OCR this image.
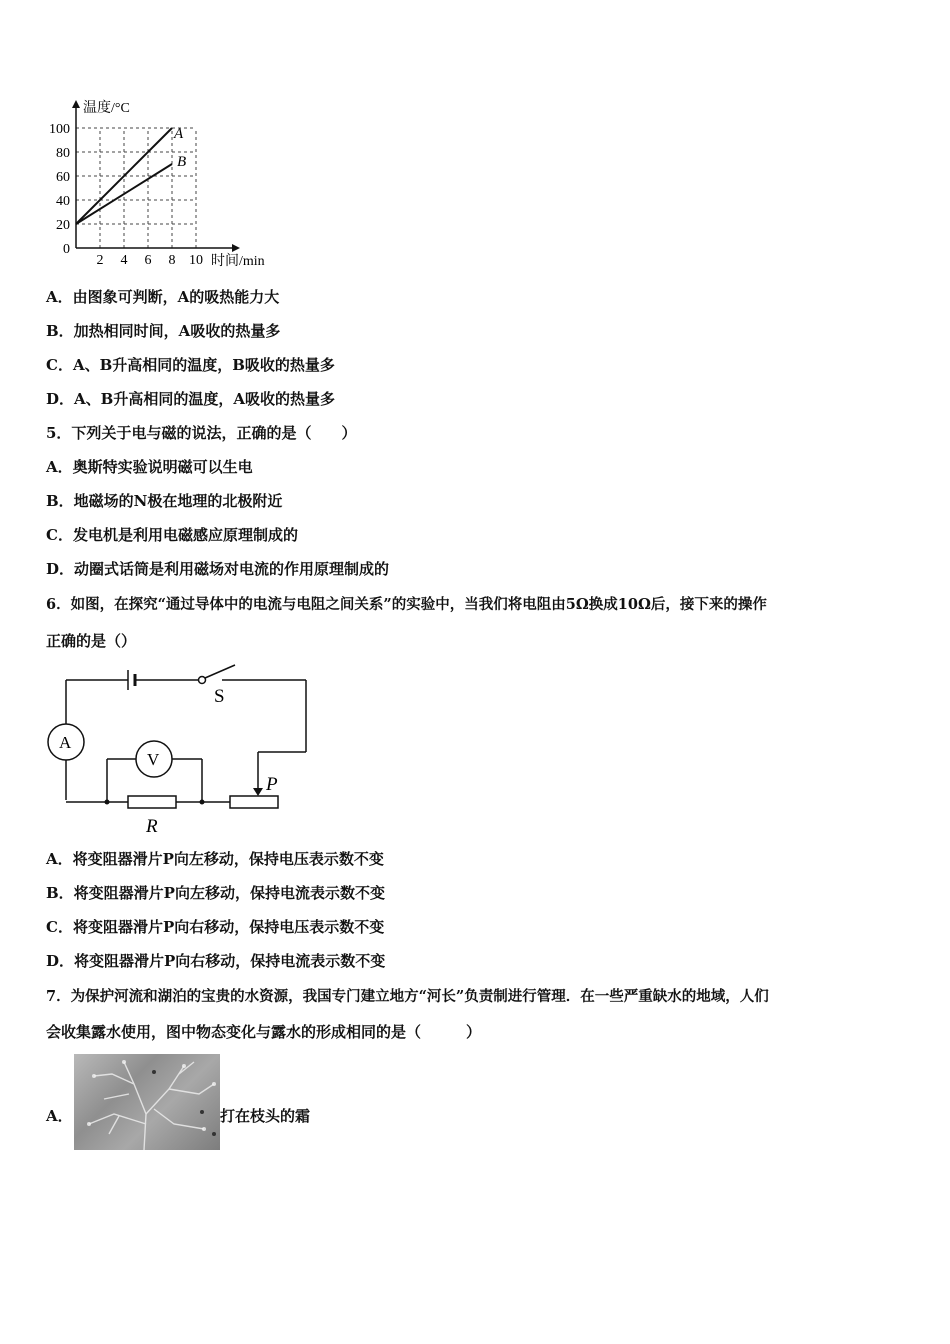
温度/°C
时间/min
100
80
60
40
20
0
2 4 6 8 10
A
B
A．由图象可判断，A的吸热能力大
B．加热相同时间，A吸收的热量多
C．A、B升高相同的温度，B吸收的热量多
D．A、B升高相同的温度，A吸收的热量多
5．下列关于电与磁的说法，正确的是（　　）
A．奥斯特实验说明磁可以生电
B．地磁场的N极在地理的北极附近
C．发电机是利用电磁感应原理制成的
D．动圈式话筒是利用磁场对电流的作用原理制成的
6．如图，在探究“通过导体中的电流与电阻之间关系”的实验中，当我们将电阻由5Ω换成10Ω后，接下来的操作
正确的是（）
A
V
S
P
R
A．将变阻器滑片P向左移动，保持电压表示数不变
B．将变阻器滑片P向左移动，保持电流表示数不变
C．将变阻器滑片P向右移动，保持电压表示数不变
D．将变阻器滑片P向右移动，保持电流表示数不变
7．为保护河流和湖泊的宝贵的水资源，我国专门建立地方“河长”负责制进行管理．在一些严重缺水的地域，人们
会收集露水使用，图中物态变化与露水的形成相同的是（　　　）
A．	打在枝头的霜
